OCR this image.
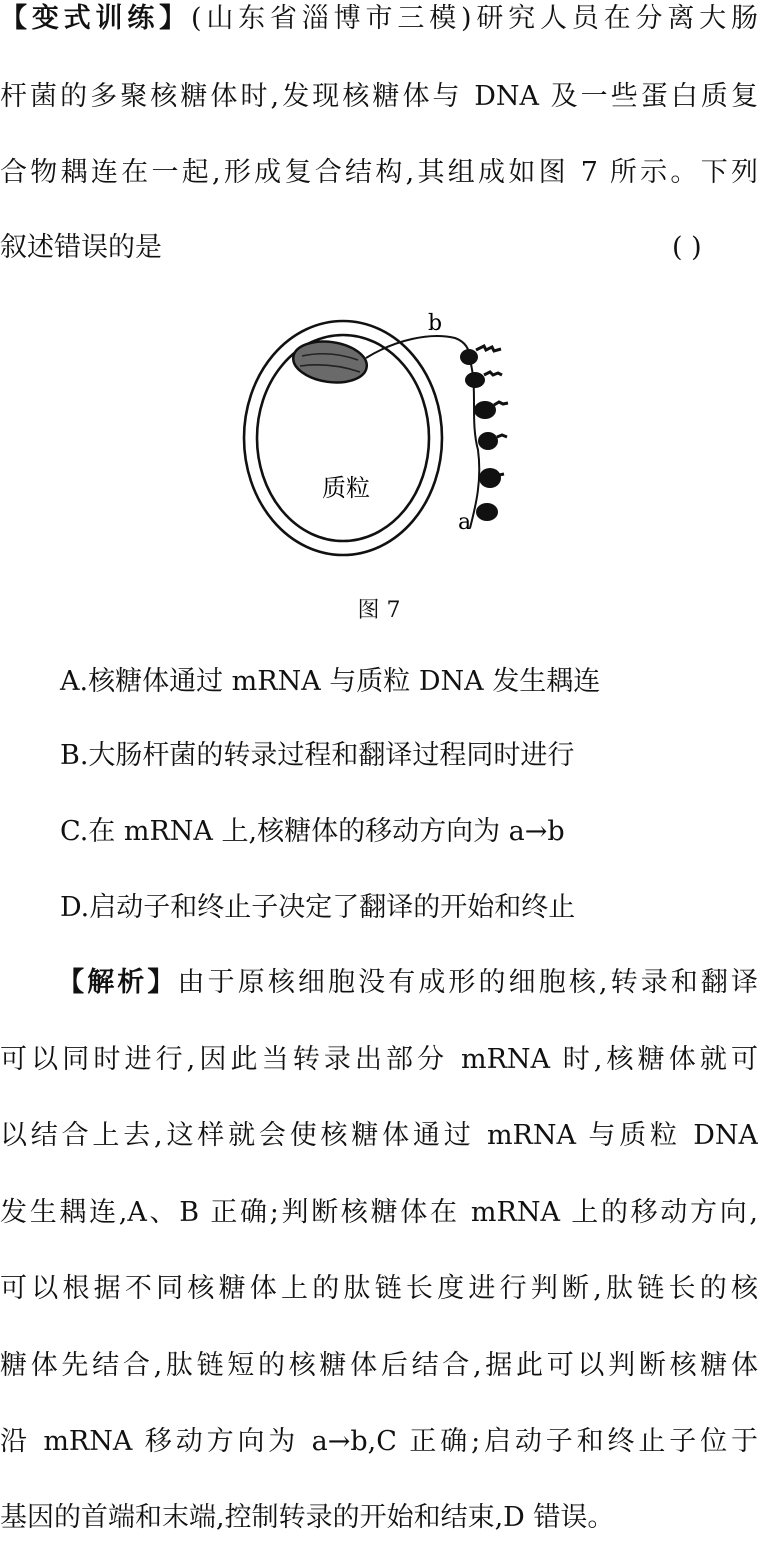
【变式训练】(山东省淄博市三模)研究人员在分离大肠
杆菌的多聚核糖体时,发现核糖体与 DNA 及一些蛋白质复
合物耦连在一起,形成复合结构,其组成如图 7 所示。下列
叙述错误的是	( )
质粒
b
a
图 7
A.核糖体通过 mRNA 与质粒 DNA 发生耦连
B.大肠杆菌的转录过程和翻译过程同时进行
C.在 mRNA 上,核糖体的移动方向为 a→b
D.启动子和终止子决定了翻译的开始和终止
【解析】由于原核细胞没有成形的细胞核,转录和翻译
可以同时进行,因此当转录出部分 mRNA 时,核糖体就可
以结合上去,这样就会使核糖体通过 mRNA 与质粒 DNA
发生耦连,A、B 正确;判断核糖体在 mRNA 上的移动方向,
可以根据不同核糖体上的肽链长度进行判断,肽链长的核
糖体先结合,肽链短的核糖体后结合,据此可以判断核糖体
沿 mRNA 移动方向为 a→b,C 正确;启动子和终止子位于
基因的首端和末端,控制转录的开始和结束,D 错误。
